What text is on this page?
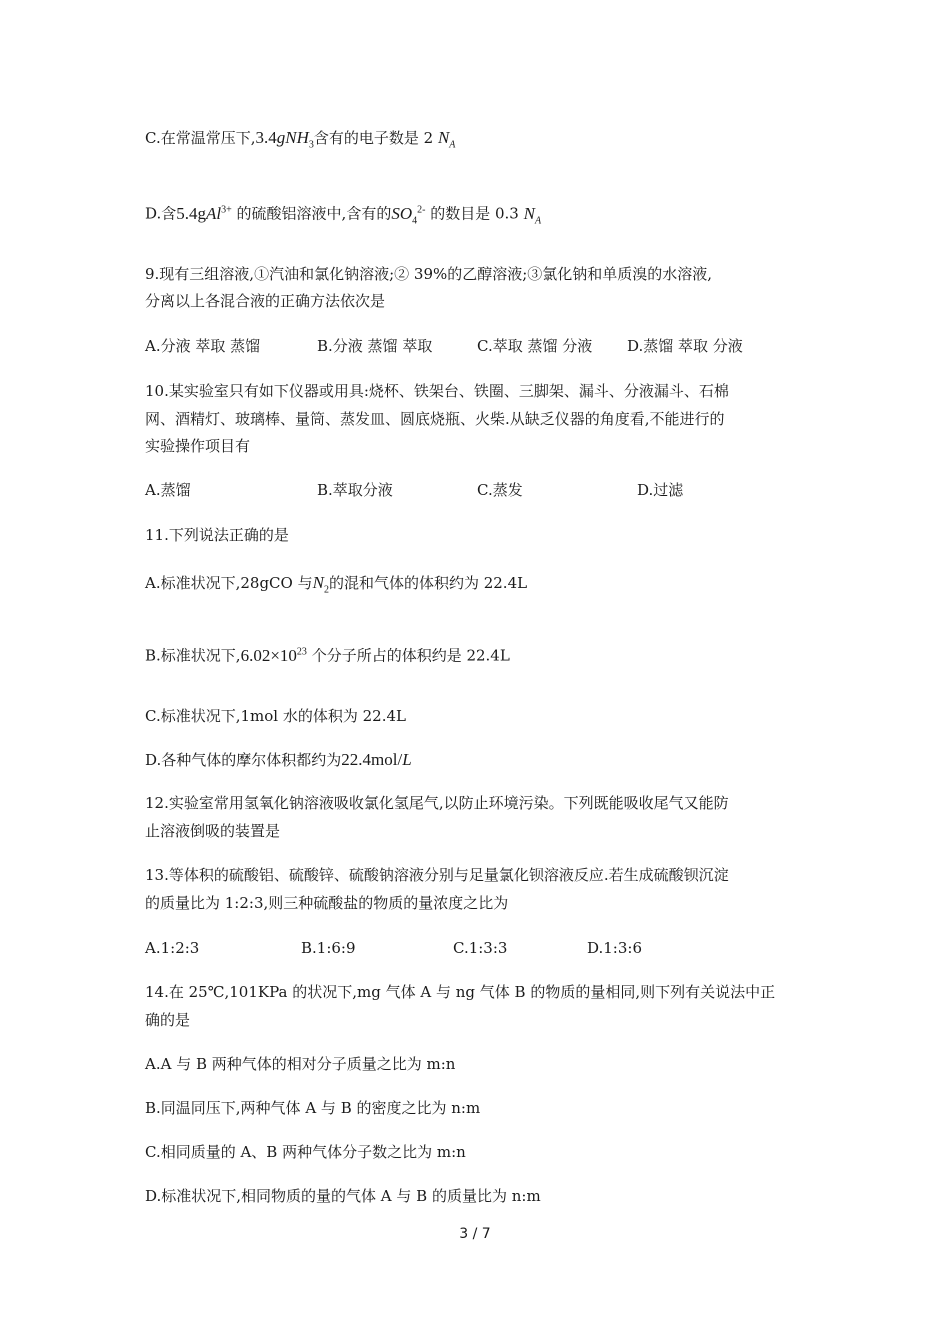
C.在常温常压下,3.4gNH$_3$含有的电子数是 2 $N_A$
D.含5.4gAl$^{3+}$ 的硫酸铝溶液中,含有的$SO_4^{2-}$ 的数目是 0.3 $N_A$
9.现有三组溶液,①汽油和氯化钠溶液;② 39%的乙醇溶液;③氯化钠和单质溴的水溶液,
分离以上各混合液的正确方法依次是
A.分液 萃取 蒸馏	B.分液 蒸馏 萃取	C.萃取 蒸馏 分液 D.蒸馏 萃取 分液
10.某实验室只有如下仪器或用具:烧杯、铁架台、铁圈、三脚架、漏斗、分液漏斗、石棉
网、酒精灯、玻璃棒、量筒、蒸发皿、圆底烧瓶、火柴.从缺乏仪器的角度看,不能进行的
实验操作项目有
A.蒸馏	B.萃取分液	C.蒸发	D.过滤
11.下列说法正确的是
A.标准状况下,28gCO 与$N_2$的混和气体的体积约为 22.4L
B.标准状况下$,6.02\times 10^{23}$ 个分子所占的体积约是 22.4L
C.标准状况下,1mol 水的体积为 22.4L
D.各种气体的摩尔体积都约为22.4mol/L
12.实验室常用氢氧化钠溶液吸收氯化氢尾气,以防止环境污染。下列既能吸收尾气又能防
止溶液倒吸的装置是
13.等体积的硫酸铝、硫酸锌、硫酸钠溶液分别与足量氯化钡溶液反应.若生成硫酸钡沉淀
的质量比为 1:2:3,则三种硫酸盐的物质的量浓度之比为
A.1:2:3	B.1:6:9	C.1:3:3	D.1:3:6
14.在 25℃,101KPa 的状况下,mg 气体 A 与 ng 气体 B 的物质的量相同,则下列有关说法中正
确的是
A.A 与 B 两种气体的相对分子质量之比为 m:n
B.同温同压下,两种气体 A 与 B 的密度之比为 n:m
C.相同质量的 A、B 两种气体分子数之比为 m:n
D.标准状况下,相同物质的量的气体 A 与 B 的质量比为 n:m
3 / 7
